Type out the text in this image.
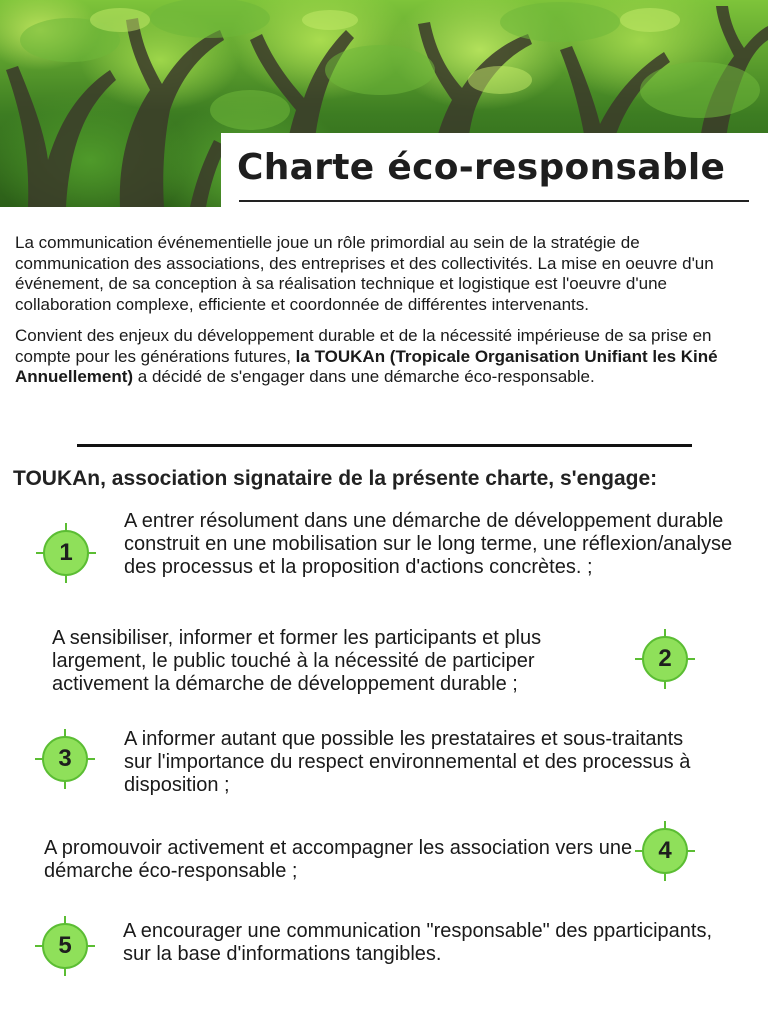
Charte éco-responsable

La communication événementielle joue un rôle primordial au sein de la stratégie de communication des associations, des entreprises et des collectivités. La mise en oeuvre d'un événement, de sa conception à sa réalisation technique et logistique est l'oeuvre d'une collaboration complexe, efficiente et coordonnée de différentes intervenants.

Convient des enjeux du développement durable et de la nécessité impérieuse de sa prise en compte pour les générations futures, la TOUKAn (Tropicale Organisation Unifiant les Kiné Annuellement) a décidé de s'engager dans une démarche éco-responsable.

TOUKAn, association signataire de la présente charte, s'engage:
1
A entrer résolument dans une démarche de développement durable construit en une mobilisation sur le long terme, une réflexion/analyse des processus et la proposition d'actions concrètes. ;
A sensibiliser, informer et former les participants et plus largement, le public touché à la nécessité de participer activement la démarche de développement durable ;
2
3
A informer autant que possible les prestataires et sous-traitants sur l'importance du respect environnemental et des processus à disposition ;
A promouvoir activement et accompagner les association vers une démarche éco-responsable ;
4
5
A encourager une communication "responsable" des pparticipants, sur la base d'informations tangibles.
